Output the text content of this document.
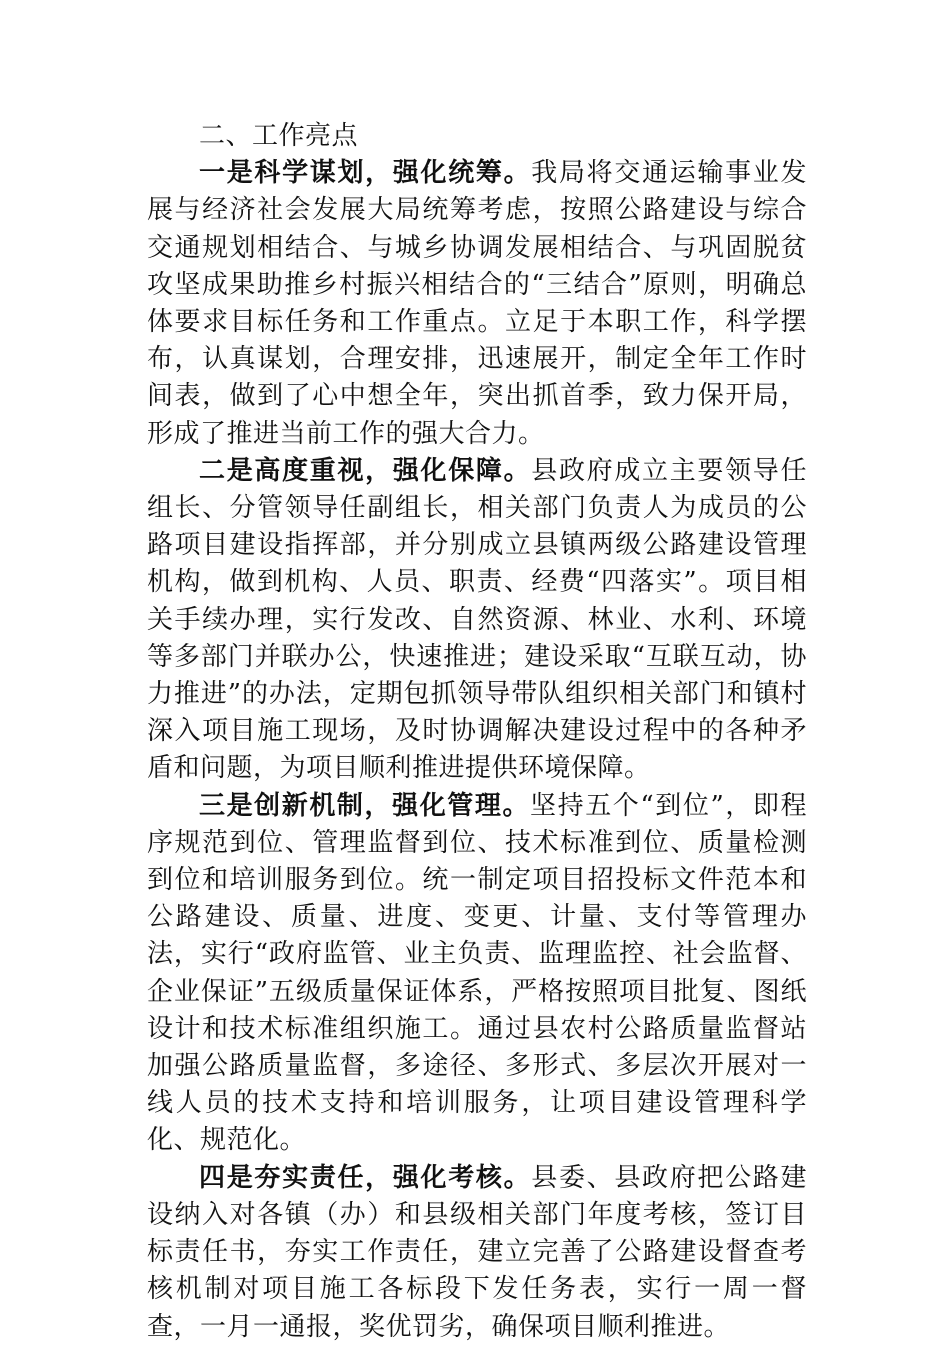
二、工作亮点

一是科学谋划，强化统筹。我局将交通运输事业发展与经济社会发展大局统筹考虑，按照公路建设与综合交通规划相结合、与城乡协调发展相结合、与巩固脱贫攻坚成果助推乡村振兴相结合的“三结合”原则，明确总体要求目标任务和工作重点。立足于本职工作，科学摆布，认真谋划，合理安排，迅速展开，制定全年工作时间表，做到了心中想全年，突出抓首季，致力保开局，形成了推进当前工作的强大合力。

二是高度重视，强化保障。县政府成立主要领导任组长、分管领导任副组长，相关部门负责人为成员的公路项目建设指挥部，并分别成立县镇两级公路建设管理机构，做到机构、人员、职责、经费“四落实”。项目相关手续办理，实行发改、自然资源、林业、水利、环境等多部门并联办公，快速推进；建设采取“互联互动，协力推进”的办法，定期包抓领导带队组织相关部门和镇村深入项目施工现场，及时协调解决建设过程中的各种矛盾和问题，为项目顺利推进提供环境保障。

三是创新机制，强化管理。坚持五个“到位”，即程序规范到位、管理监督到位、技术标准到位、质量检测到位和培训服务到位。统一制定项目招投标文件范本和公路建设、质量、进度、变更、计量、支付等管理办法，实行“政府监管、业主负责、监理监控、社会监督、企业保证”五级质量保证体系，严格按照项目批复、图纸设计和技术标准组织施工。通过县农村公路质量监督站加强公路质量监督，多途径、多形式、多层次开展对一线人员的技术支持和培训服务，让项目建设管理科学化、规范化。

四是夯实责任，强化考核。县委、县政府把公路建设纳入对各镇（办）和县级相关部门年度考核，签订目标责任书，夯实工作责任，建立完善了公路建设督查考核机制对项目施工各标段下发任务表，实行一周一督查，一月一通报，奖优罚劣，确保项目顺利推进。
